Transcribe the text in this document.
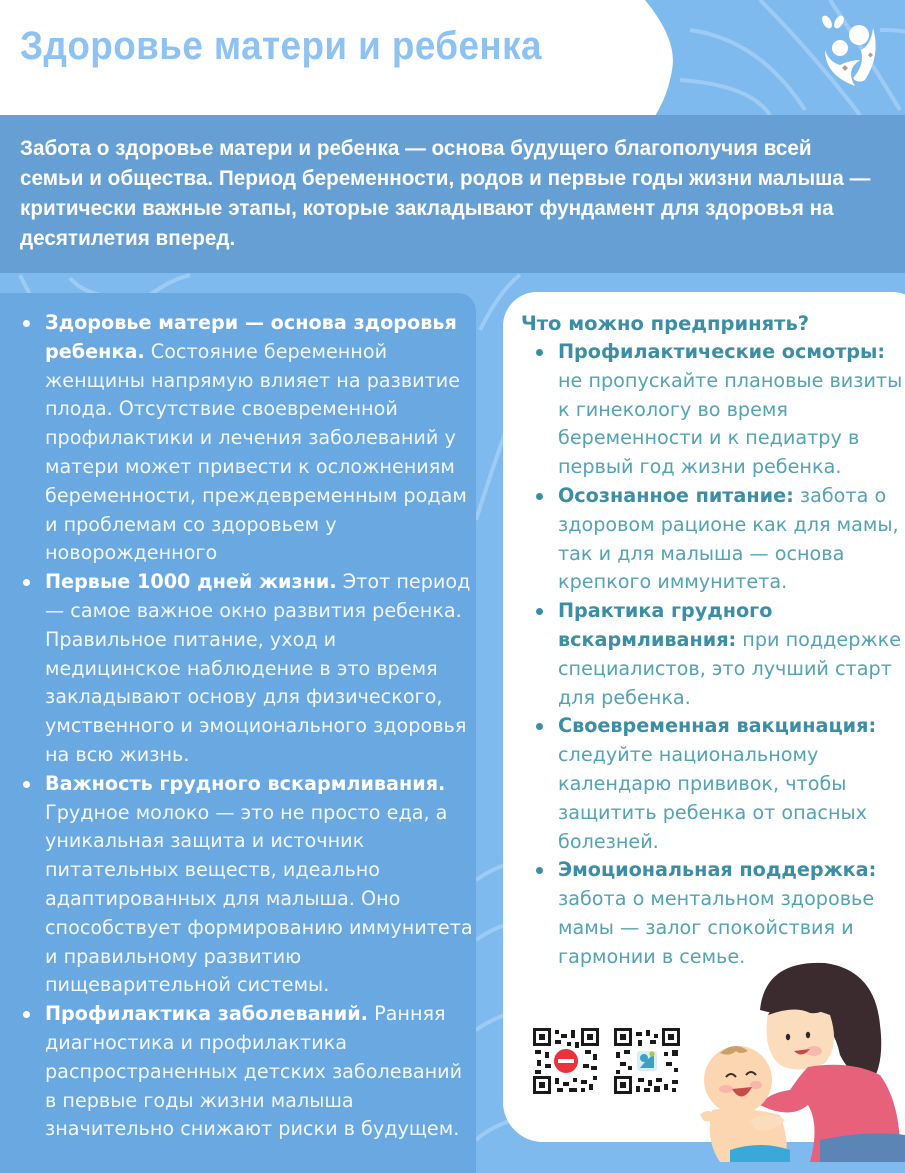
Здоровье матери и ребенка

Забота о здоровье матери и ребенка — основа будущего благополучия всей семьи и общества. Период беременности, родов и первые годы жизни малыша — критически важные этапы, которые закладывают фундамент для здоровья на десятилетия вперед.

Здоровье матери — основа здоровья ребенка. Состояние беременной женщины напрямую влияет на развитие плода. Отсутствие своевременной профилактики и лечения заболеваний у матери может привести к осложнениям беременности, преждевременным родам и проблемам со здоровьем у новорожденного
Первые 1000 дней жизни. Этот период — самое важное окно развития ребенка. Правильное питание, уход и медицинское наблюдение в это время закладывают основу для физического, умственного и эмоционального здоровья на всю жизнь.
Важность грудного вскармливания. Грудное молоко — это не просто еда, а уникальная защита и источник питательных веществ, идеально адаптированных для малыша. Оно способствует формированию иммунитета и правильному развитию пищеварительной системы.
Профилактика заболеваний. Ранняя диагностика и профилактика распространенных детских заболеваний в первые годы жизни малыша значительно снижают риски в будущем.
Что можно предпринять?
Профилактические осмотры: не пропускайте плановые визиты к гинекологу во время беременности и к педиатру в первый год жизни ребенка.
Осознанное питание: забота о здоровом рационе как для мамы, так и для малыша — основа крепкого иммунитета.
Практика грудного вскармливания: при поддержке специалистов, это лучший старт для ребенка.
Своевременная вакцинация: следуйте национальному календарю прививок, чтобы защитить ребенка от опасных болезней.
Эмоциональная поддержка: забота о ментальном здоровье мамы — залог спокойствия и гармонии в семье.
